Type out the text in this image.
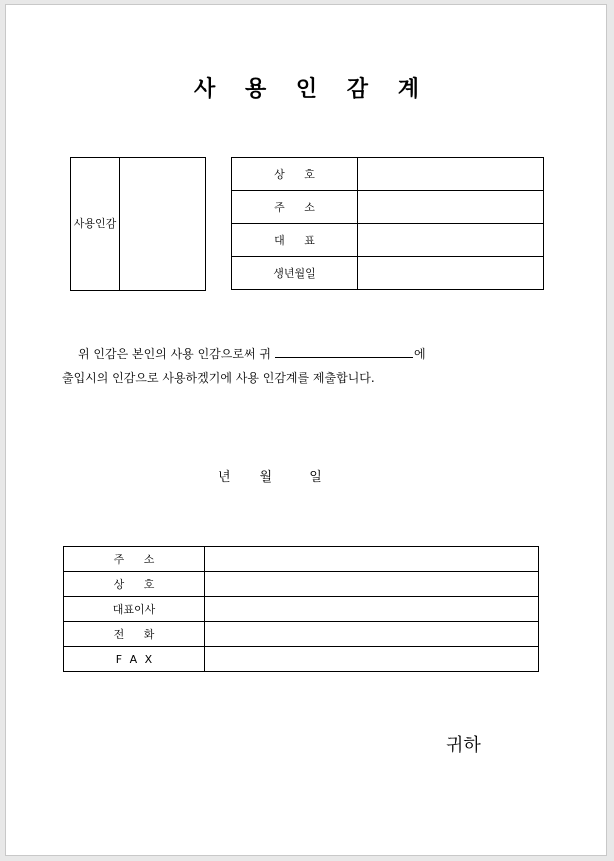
사 용 인 감 계
사용인감
상 호	
주 소	
대 표	
생년월일	
위 인감은 본인의 사용 인감으로써 귀	에
출입시의 인감으로 사용하겠기에 사용 인감계를 제출합니다.
년 월	일
주 소	
상 호	
대표이사	
전 화	
F A X	
귀하
